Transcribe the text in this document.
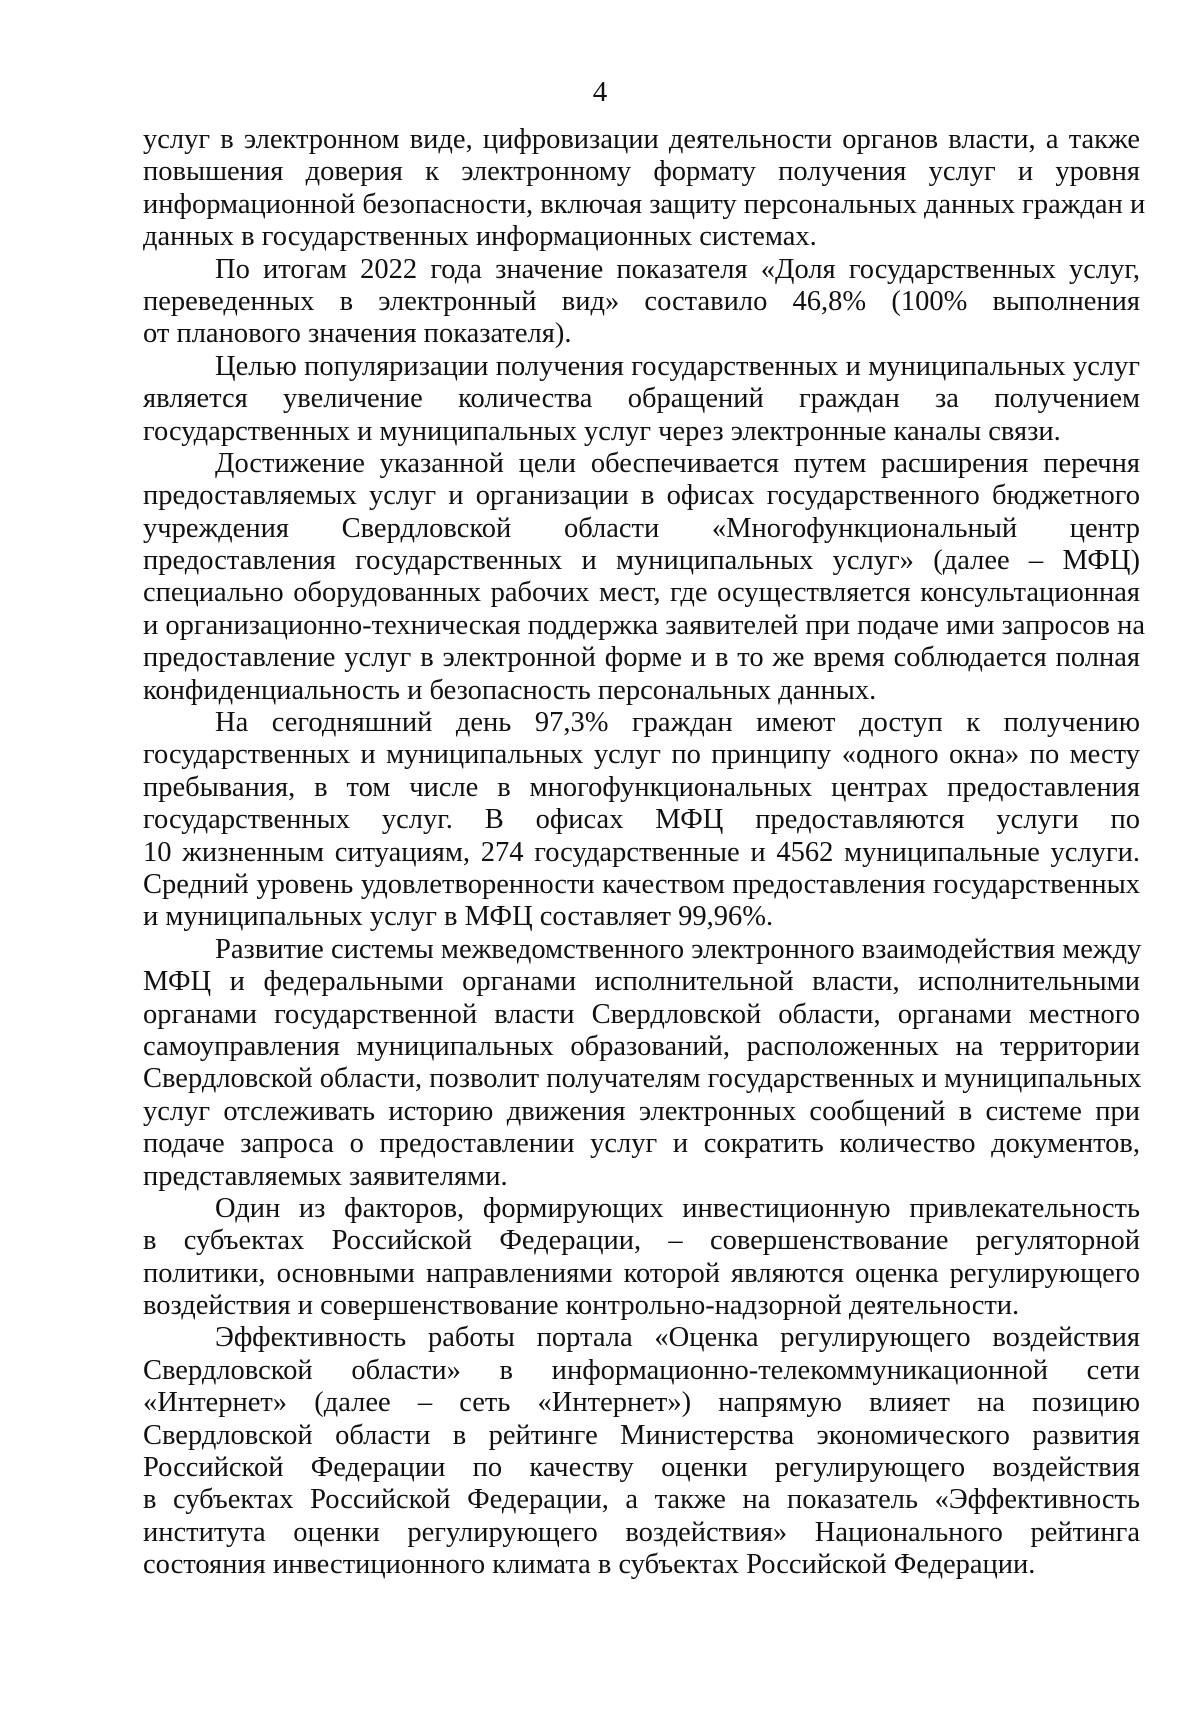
4

услуг в электронном виде, цифровизации деятельности органов власти, а также
повышения доверия к электронному формату получения услуг и уровня
информационной безопасности, включая защиту персональных данных граждан и
данных в государственных информационных системах.

По итогам 2022 года значение показателя «Доля государственных услуг,
переведенных в электронный вид» составило 46,8% (100% выполнения
от планового значения показателя).

Целью популяризации получения государственных и муниципальных услуг
является увеличение количества обращений граждан за получением
государственных и муниципальных услуг через электронные каналы связи.

Достижение указанной цели обеспечивается путем расширения перечня
предоставляемых услуг и организации в офисах государственного бюджетного
учреждения Свердловской области «Многофункциональный центр
предоставления государственных и муниципальных услуг» (далее – МФЦ)
специально оборудованных рабочих мест, где осуществляется консультационная
и организационно-техническая поддержка заявителей при подаче ими запросов на
предоставление услуг в электронной форме и в то же время соблюдается полная
конфиденциальность и безопасность персональных данных.

На сегодняшний день 97,3% граждан имеют доступ к получению
государственных и муниципальных услуг по принципу «одного окна» по месту
пребывания, в том числе в многофункциональных центрах предоставления
государственных услуг. В офисах МФЦ предоставляются услуги по
10 жизненным ситуациям, 274 государственные и 4562 муниципальные услуги.
Средний уровень удовлетворенности качеством предоставления государственных
и муниципальных услуг в МФЦ составляет 99,96%.

Развитие системы межведомственного электронного взаимодействия между
МФЦ и федеральными органами исполнительной власти, исполнительными
органами государственной власти Свердловской области, органами местного
самоуправления муниципальных образований, расположенных на территории
Свердловской области, позволит получателям государственных и муниципальных
услуг отслеживать историю движения электронных сообщений в системе при
подаче запроса о предоставлении услуг и сократить количество документов,
представляемых заявителями.

Один из факторов, формирующих инвестиционную привлекательность
в субъектах Российской Федерации, – совершенствование регуляторной
политики, основными направлениями которой являются оценка регулирующего
воздействия и совершенствование контрольно-надзорной деятельности.

Эффективность работы портала «Оценка регулирующего воздействия
Свердловской области» в информационно-телекоммуникационной сети
«Интернет» (далее – сеть «Интернет») напрямую влияет на позицию
Свердловской области в рейтинге Министерства экономического развития
Российской Федерации по качеству оценки регулирующего воздействия
в субъектах Российской Федерации, а также на показатель «Эффективность
института оценки регулирующего воздействия» Национального рейтинга
состояния инвестиционного климата в субъектах Российской Федерации.
